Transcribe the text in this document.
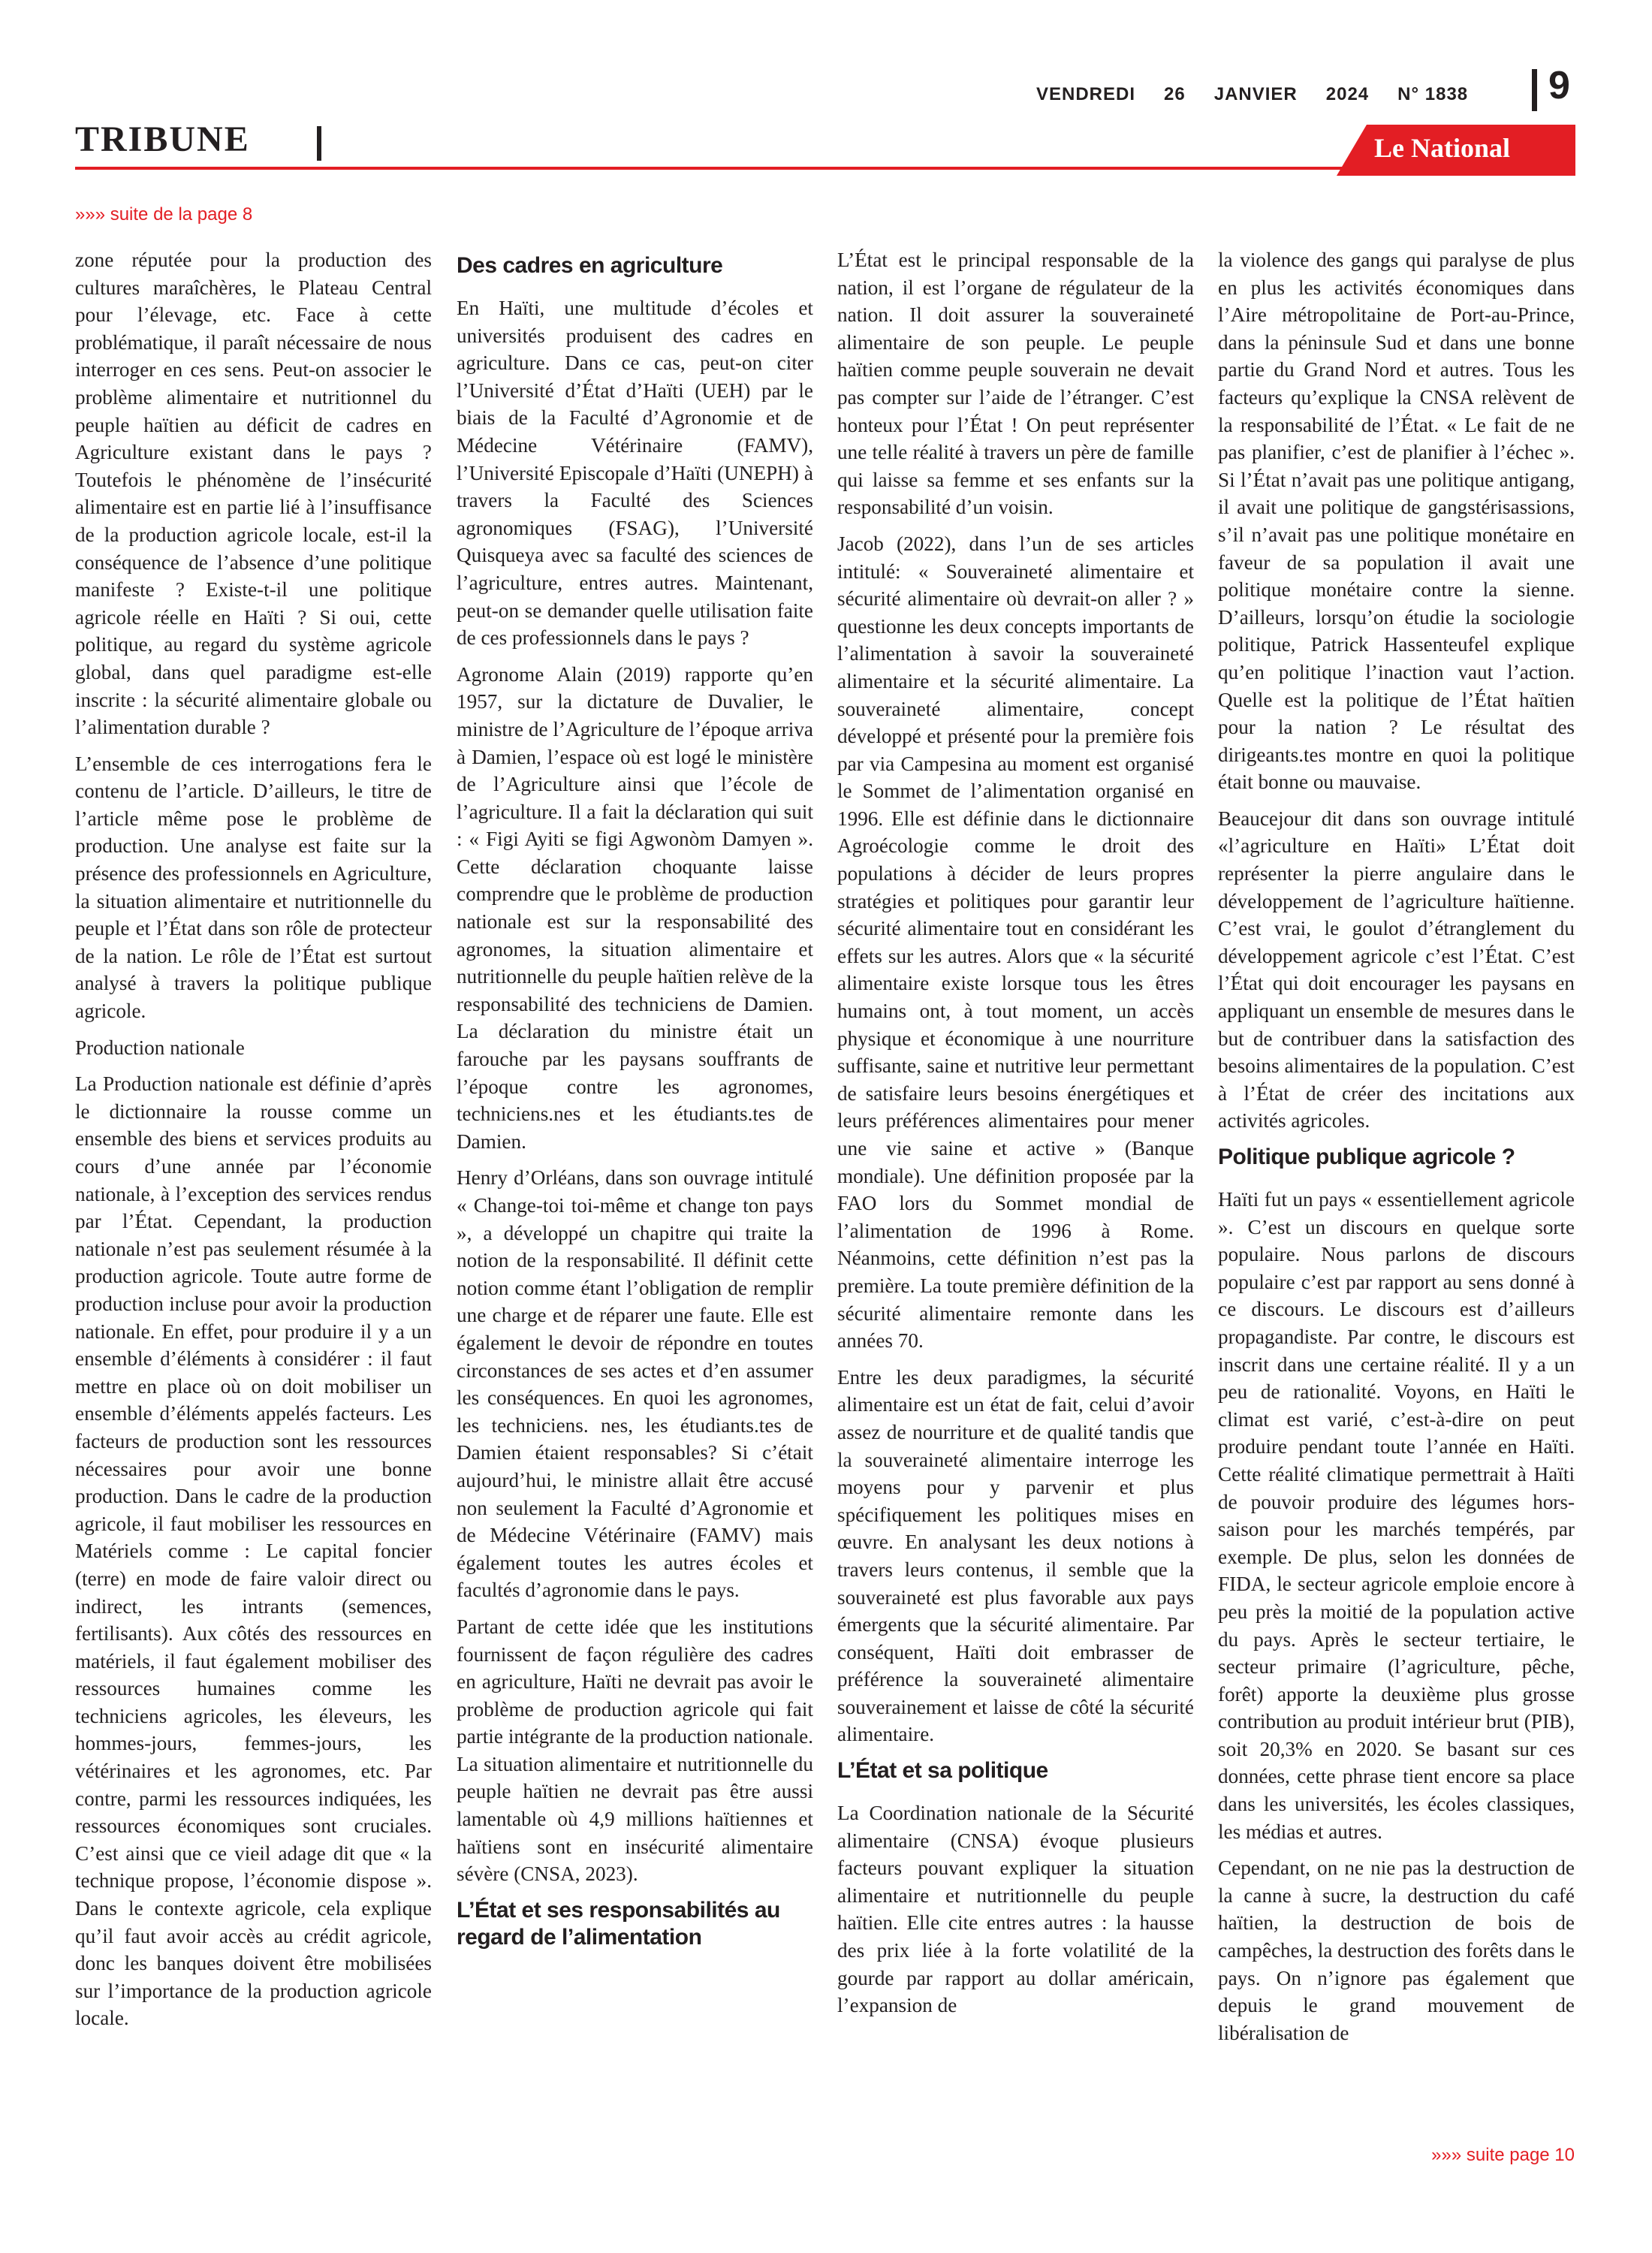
VENDREDI 26 JANVIER 2024 N° 1838	9
TRIBUNE	Le National
»»» suite de la page 8

zone réputée pour la production des cultures maraîchères, le Plateau Central pour l’élevage, etc. Face à cette problématique, il paraît nécessaire de nous interroger en ces sens. Peut-on associer le problème alimentaire et nutritionnel du peuple haïtien au déficit de cadres en Agriculture existant dans le pays ? Toutefois le phénomène de l’insécurité alimentaire est en partie lié à l’insuffisance de la production agricole locale, est-il la conséquence de l’absence d’une politique manifeste ? Existe-t-il une politique agricole réelle en Haïti ? Si oui, cette politique, au regard du système agricole global, dans quel paradigme est-elle inscrite : la sécurité alimentaire globale ou l’alimentation durable ?

L’ensemble de ces interrogations fera le contenu de l’article. D’ailleurs, le titre de l’article même pose le problème de production. Une analyse est faite sur la présence des professionnels en Agriculture, la situation alimentaire et nutritionnelle du peuple et l’État dans son rôle de protecteur de la nation. Le rôle de l’État est surtout analysé à travers la politique publique agricole.

Production nationale

La Production nationale est définie d’après le dictionnaire la rousse comme un ensemble des biens et services produits au cours d’une année par l’économie nationale, à l’exception des services rendus par l’État. Cependant, la production nationale n’est pas seulement résumée à la production agricole. Toute autre forme de production incluse pour avoir la production nationale. En effet, pour produire il y a un ensemble d’éléments à considérer : il faut mettre en place où on doit mobiliser un ensemble d’éléments appelés facteurs. Les facteurs de production sont les ressources nécessaires pour avoir une bonne production. Dans le cadre de la production agricole, il faut mobiliser les ressources en Matériels comme : Le capital foncier (terre) en mode de faire valoir direct ou indirect, les intrants (semences, fertilisants). Aux côtés des ressources en matériels, il faut également mobiliser des ressources humaines comme les techniciens agricoles, les éleveurs, les hommes-jours, femmes-jours, les vétérinaires et les agronomes, etc. Par contre, parmi les ressources indiquées, les ressources économiques sont cruciales. C’est ainsi que ce vieil adage dit que « la technique propose, l’économie dispose ». Dans le contexte agricole, cela explique qu’il faut avoir accès au crédit agricole, donc les banques doivent être mobilisées sur l’importance de la production agricole locale.

Des cadres en agriculture

En Haïti, une multitude d’écoles et universités produisent des cadres en agriculture. Dans ce cas, peut-on citer l’Université d’État d’Haïti (UEH) par le biais de la Faculté d’Agronomie et de Médecine Vétérinaire (FAMV), l’Université Episcopale d’Haïti (UNEPH) à travers la Faculté des Sciences agronomiques (FSAG), l’Université Quisqueya avec sa faculté des sciences de l’agriculture, entres autres. Maintenant, peut-on se demander quelle utilisation faite de ces professionnels dans le pays ?

Agronome Alain (2019) rapporte qu’en 1957, sur la dictature de Duvalier, le ministre de l’Agriculture de l’époque arriva à Damien, l’espace où est logé le ministère de l’Agriculture ainsi que l’école de l’agriculture. Il a fait la déclaration qui suit : « Figi Ayiti se figi Agwonòm Damyen ». Cette déclaration choquante laisse comprendre que le problème de production nationale est sur la responsabilité des agronomes, la situation alimentaire et nutritionnelle du peuple haïtien relève de la responsabilité des techniciens de Damien. La déclaration du ministre était un farouche par les paysans souffrants de l’époque contre les agronomes, techniciens.nes et les étudiants.tes de Damien.

Henry d’Orléans, dans son ouvrage intitulé « Change-toi toi-même et change ton pays », a développé un chapitre qui traite la notion de la responsabilité. Il définit cette notion comme étant l’obligation de remplir une charge et de réparer une faute. Elle est également le devoir de répondre en toutes circonstances de ses actes et d’en assumer les conséquences. En quoi les agronomes, les techniciens. nes, les étudiants.tes de Damien étaient responsables? Si c’était aujourd’hui, le ministre allait être accusé non seulement la Faculté d’Agronomie et de Médecine Vétérinaire (FAMV) mais également toutes les autres écoles et facultés d’agronomie dans le pays.

Partant de cette idée que les institutions fournissent de façon régulière des cadres en agriculture, Haïti ne devrait pas avoir le problème de production agricole qui fait partie intégrante de la production nationale. La situation alimentaire et nutritionnelle du peuple haïtien ne devrait pas être aussi lamentable où 4,9 millions haïtiennes et haïtiens sont en insécurité alimentaire sévère (CNSA, 2023).

L’État et ses responsabilités au regard de l’alimentation

L’État est le principal responsable de la nation, il est l’organe de régulateur de la nation. Il doit assurer la souveraineté alimentaire de son peuple. Le peuple haïtien comme peuple souverain ne devait pas compter sur l’aide de l’étranger. C’est honteux pour l’État ! On peut représenter une telle réalité à travers un père de famille qui laisse sa femme et ses enfants sur la responsabilité d’un voisin.

Jacob (2022), dans l’un de ses articles intitulé: « Souveraineté alimentaire et sécurité alimentaire où devrait-on aller ? » questionne les deux concepts importants de l’alimentation à savoir la souveraineté alimentaire et la sécurité alimentaire. La souveraineté alimentaire, concept développé et présenté pour la première fois par via Campesina au moment est organisé le Sommet de l’alimentation organisé en 1996. Elle est définie dans le dictionnaire Agroécologie comme le droit des populations à décider de leurs propres stratégies et politiques pour garantir leur sécurité alimentaire tout en considérant les effets sur les autres. Alors que « la sécurité alimentaire existe lorsque tous les êtres humains ont, à tout moment, un accès physique et économique à une nourriture suffisante, saine et nutritive leur permettant de satisfaire leurs besoins énergétiques et leurs préférences alimentaires pour mener une vie saine et active » (Banque mondiale). Une définition proposée par la FAO lors du Sommet mondial de l’alimentation de 1996 à Rome. Néanmoins, cette définition n’est pas la première. La toute première définition de la sécurité alimentaire remonte dans les années 70.

Entre les deux paradigmes, la sécurité alimentaire est un état de fait, celui d’avoir assez de nourriture et de qualité tandis que la souveraineté alimentaire interroge les moyens pour y parvenir et plus spécifiquement les politiques mises en œuvre. En analysant les deux notions à travers leurs contenus, il semble que la souveraineté est plus favorable aux pays émergents que la sécurité alimentaire. Par conséquent, Haïti doit embrasser de préférence la souveraineté alimentaire souverainement et laisse de côté la sécurité alimentaire.

L’État et sa politique

La Coordination nationale de la Sécurité alimentaire (CNSA) évoque plusieurs facteurs pouvant expliquer la situation alimentaire et nutritionnelle du peuple haïtien. Elle cite entres autres : la hausse des prix liée à la forte volatilité de la gourde par rapport au dollar américain, l’expansion de

la violence des gangs qui paralyse de plus en plus les activités économiques dans l’Aire métropolitaine de Port-au-Prince, dans la péninsule Sud et dans une bonne partie du Grand Nord et autres. Tous les facteurs qu’explique la CNSA relèvent de la responsabilité de l’État. « Le fait de ne pas planifier, c’est de planifier à l’échec ». Si l’État n’avait pas une politique antigang, il avait une politique de gangstérisassions, s’il n’avait pas une politique monétaire en faveur de sa population il avait une politique monétaire contre la sienne. D’ailleurs, lorsqu’on étudie la sociologie politique, Patrick Hassenteufel explique qu’en politique l’inaction vaut l’action. Quelle est la politique de l’État haïtien pour la nation ? Le résultat des dirigeants.tes montre en quoi la politique était bonne ou mauvaise.

Beaucejour dit dans son ouvrage intitulé «l’agriculture en Haïti» L’État doit représenter la pierre angulaire dans le développement de l’agriculture haïtienne. C’est vrai, le goulot d’étranglement du développement agricole c’est l’État. C’est l’État qui doit encourager les paysans en appliquant un ensemble de mesures dans le but de contribuer dans la satisfaction des besoins alimentaires de la population. C’est à l’État de créer des incitations aux activités agricoles.

Politique publique agricole ?

Haïti fut un pays « essentiellement agricole ». C’est un discours en quelque sorte populaire. Nous parlons de discours populaire c’est par rapport au sens donné à ce discours. Le discours est d’ailleurs propagandiste. Par contre, le discours est inscrit dans une certaine réalité. Il y a un peu de rationalité. Voyons, en Haïti le climat est varié, c’est-à-dire on peut produire pendant toute l’année en Haïti. Cette réalité climatique permettrait à Haïti de pouvoir produire des légumes hors-saison pour les marchés tempérés, par exemple. De plus, selon les données de FIDA, le secteur agricole emploie encore à peu près la moitié de la population active du pays. Après le secteur tertiaire, le secteur primaire (l’agriculture, pêche, forêt) apporte la deuxième plus grosse contribution au produit intérieur brut (PIB), soit 20,3% en 2020. Se basant sur ces données, cette phrase tient encore sa place dans les universités, les écoles classiques, les médias et autres.

Cependant, on ne nie pas la destruction de la canne à sucre, la destruction du café haïtien, la destruction de bois de campêches, la destruction des forêts dans le pays. On n’ignore pas également que depuis le grand mouvement de libéralisation de

»»» suite page 10
